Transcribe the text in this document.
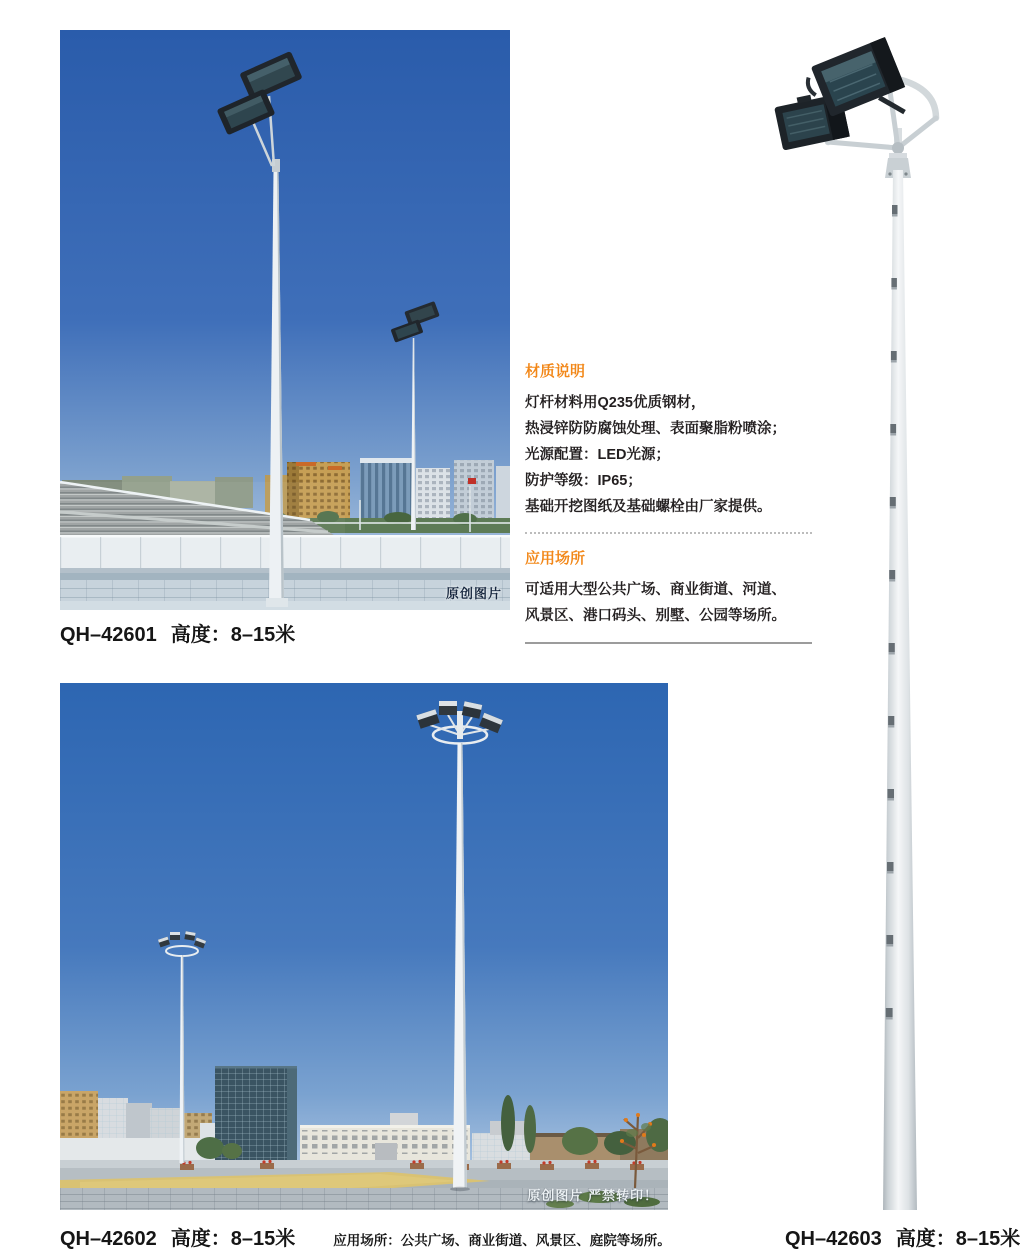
原创图片
QH–42601 高度：8–15米
材质说明
灯杆材料用Q235优质钢材，
热浸锌防防腐蚀处理、表面聚脂粉喷涂；
光源配置：LED光源；
防护等级：IP65；
基础开挖图纸及基础螺栓由厂家提供。
应用场所
可适用大型公共广场、商业街道、河道、
风景区、港口码头、别墅、公园等场所。
原创图片 严禁转印！
QH–42602 高度：8–15米	应用场所：公共广场、商业街道、风景区、庭院等场所。	QH–42603 高度：8–15米
